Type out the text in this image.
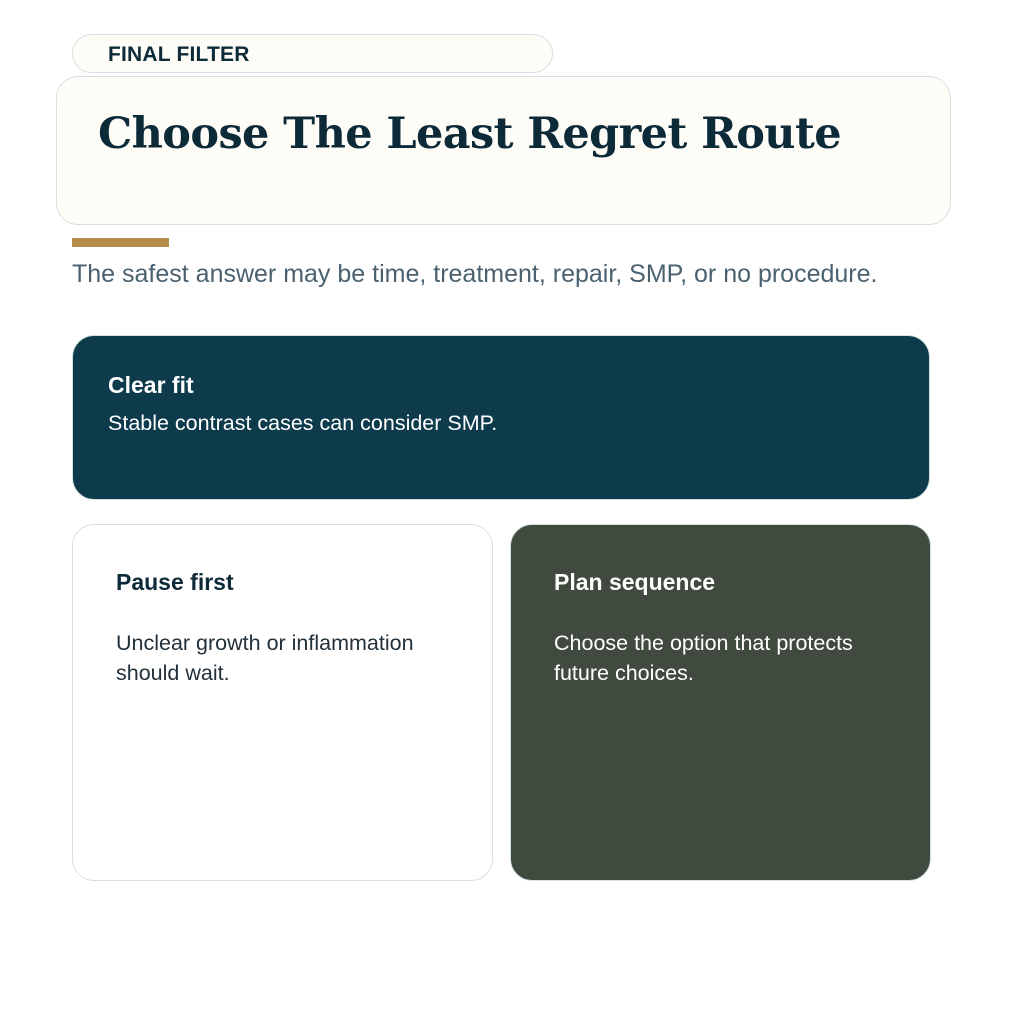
FINAL FILTER
Choose The Least Regret Route
The safest answer may be time, treatment, repair, SMP, or no procedure.
Clear fit
Stable contrast cases can consider SMP.
Pause first
Unclear growth or inflammation should wait.
Plan sequence
Choose the option that protects future choices.
